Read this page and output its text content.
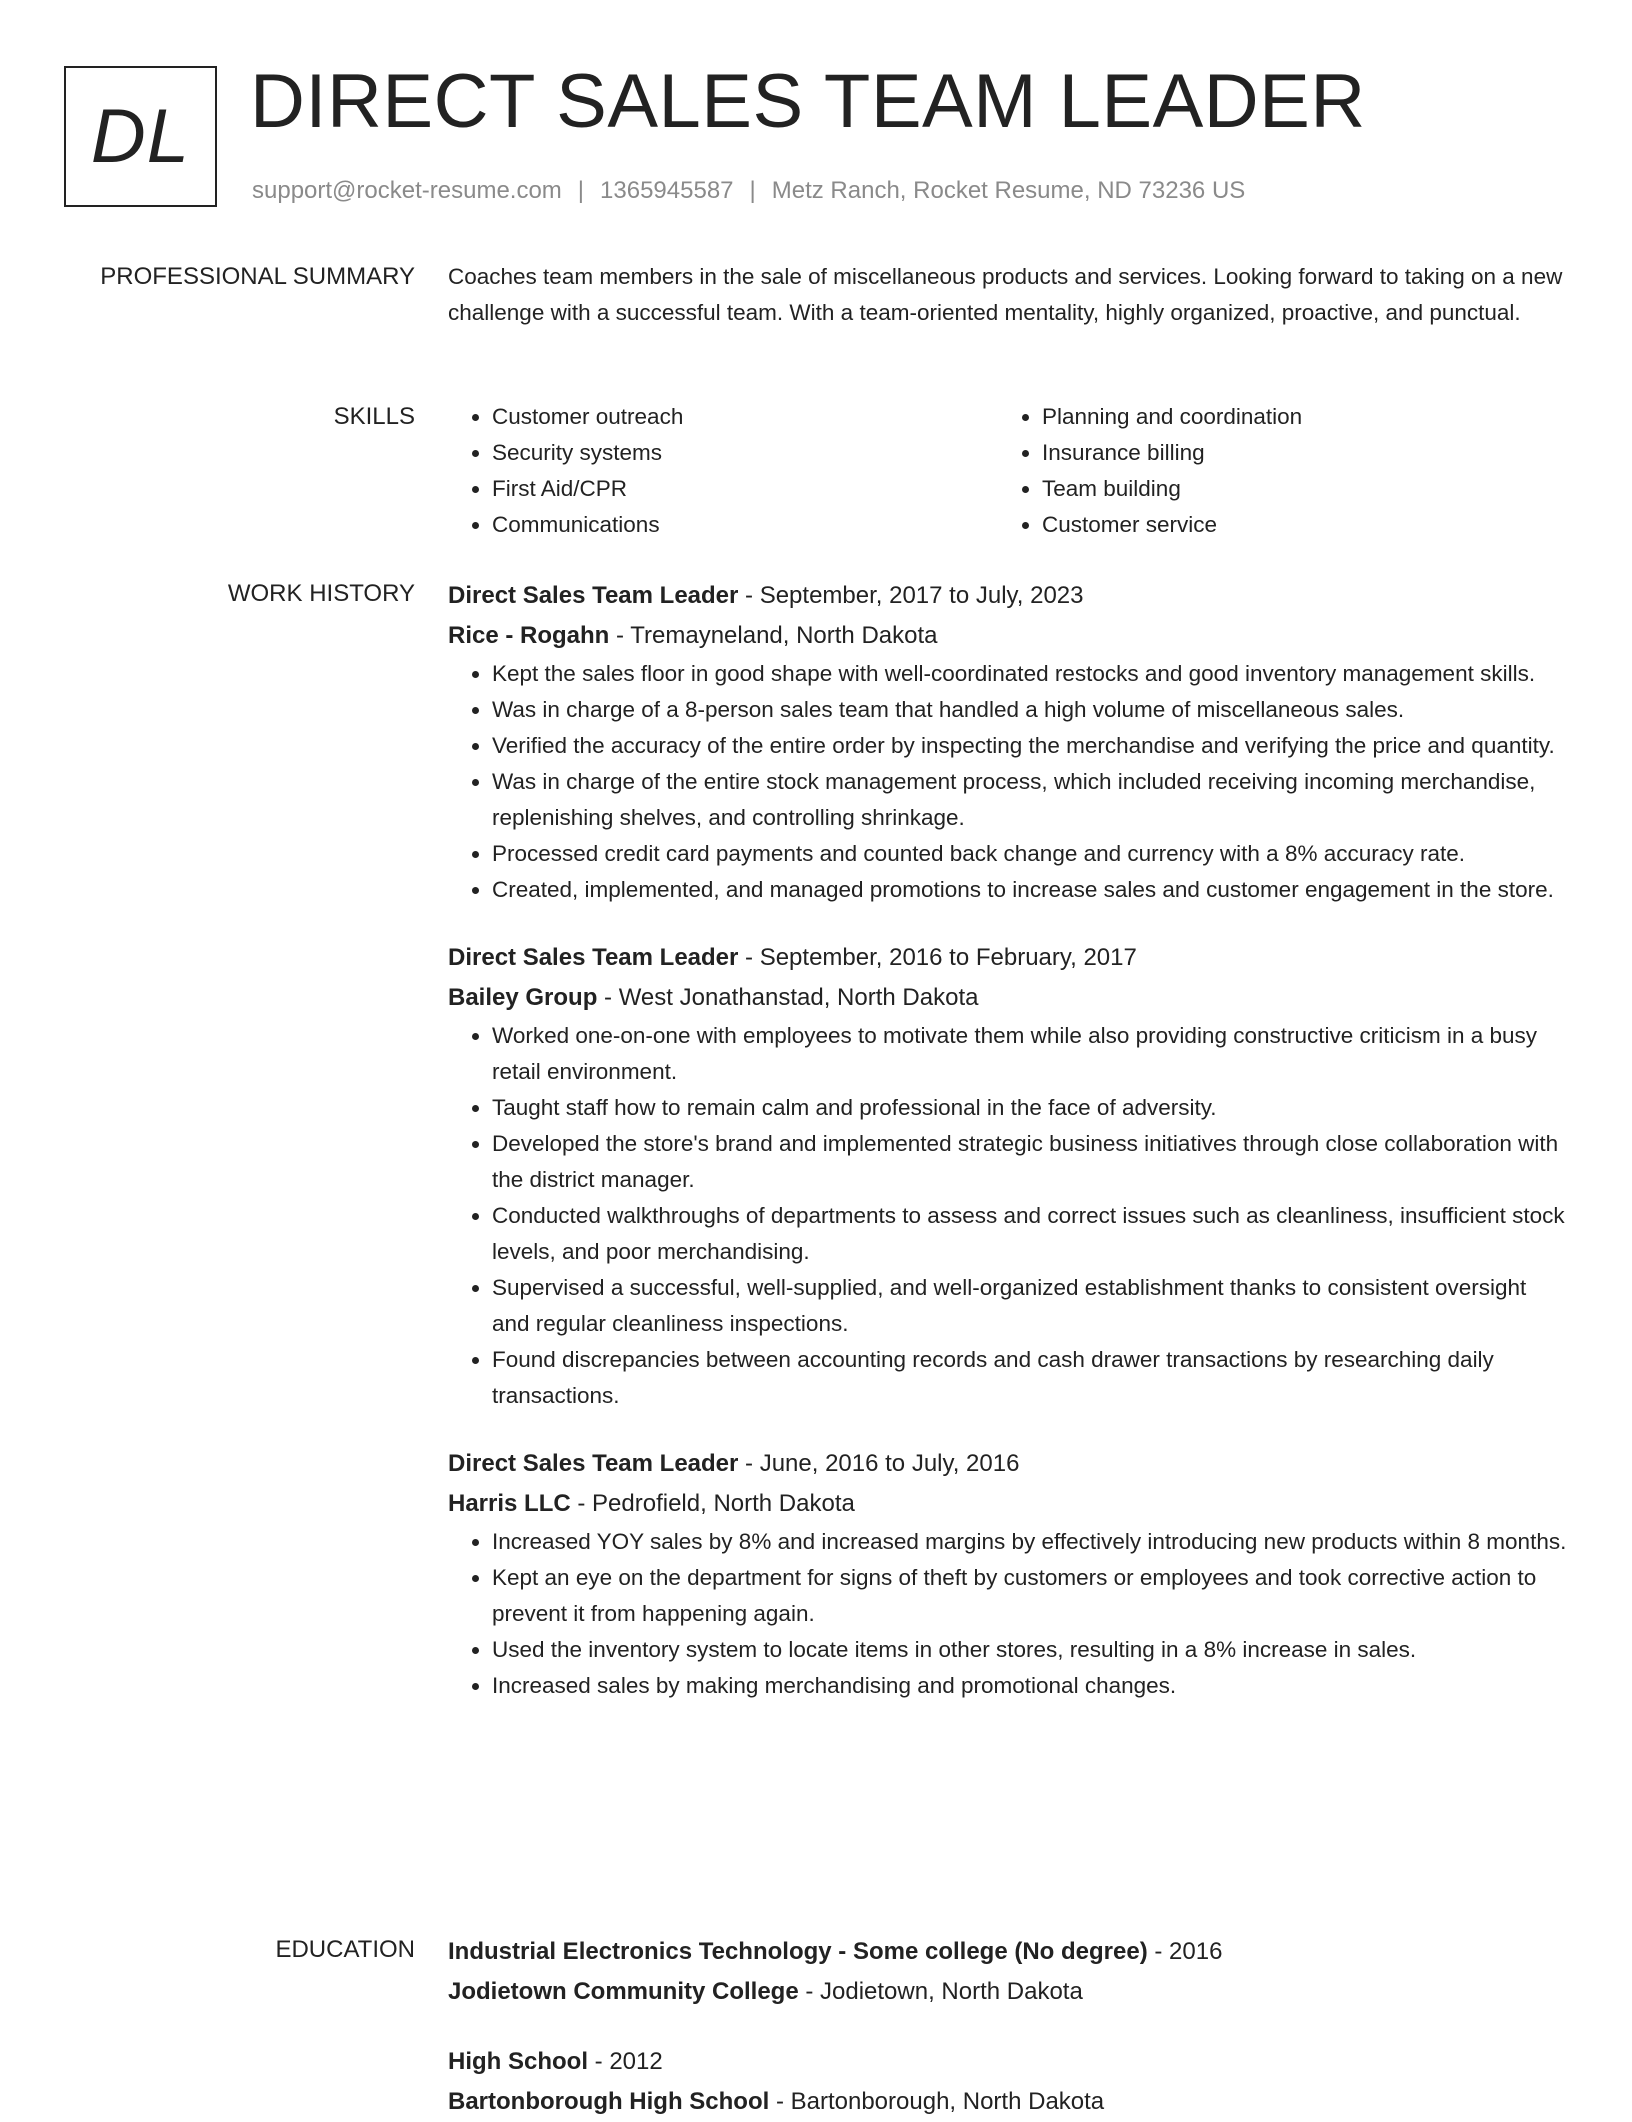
DL DIRECT SALES TEAM LEADER
support@rocket-resume.com | 1365945587 | Metz Ranch, Rocket Resume, ND 73236 US
PROFESSIONAL SUMMARY Coaches team members in the sale of miscellaneous products and services. Looking forward to taking on a new challenge with a successful team. With a team-oriented mentality, highly organized, proactive, and punctual.

SKILLS
•	Customer outreach
• Security systems
• First Aid/CPR
• Communications
• Planning and coordination
• Insurance billing
• Team building
• Customer service
WORK HISTORY Direct Sales Team Leader - September, 2017 to July, 2023

Rice - Rogahn - Tremayneland, North Dakota

• Kept the sales floor in good shape with well-coordinated restocks and good inventory management skills.
• Was in charge of a 8-person sales team that handled a high volume of miscellaneous sales.
• Verified the accuracy of the entire order by inspecting the merchandise and verifying the price and quantity.
• Was in charge of the entire stock management process, which included receiving incoming merchandise, replenishing shelves, and controlling shrinkage.
• Processed credit card payments and counted back change and currency with a 8% accuracy rate.
• Created, implemented, and managed promotions to increase sales and customer engagement in the store.

Direct Sales Team Leader - September, 2016 to February, 2017

Bailey Group - West Jonathanstad, North Dakota

• Worked one-on-one with employees to motivate them while also providing constructive criticism in a busy retail environment.
• Taught staff how to remain calm and professional in the face of adversity.
• Developed the store's brand and implemented strategic business initiatives through close collaboration with the district manager.
• Conducted walkthroughs of departments to assess and correct issues such as cleanliness, insufficient stock levels, and poor merchandising.
• Supervised a successful, well-supplied, and well-organized establishment thanks to consistent oversight and regular cleanliness inspections.
• Found discrepancies between accounting records and cash drawer transactions by researching daily transactions.

Direct Sales Team Leader - June, 2016 to July, 2016

Harris LLC - Pedrofield, North Dakota

• Increased YOY sales by 8% and increased margins by effectively introducing new products within 8 months.
• Kept an eye on the department for signs of theft by customers or employees and took corrective action to prevent it from happening again.
• Used the inventory system to locate items in other stores, resulting in a 8% increase in sales.
• Increased sales by making merchandising and promotional changes.
EDUCATION Industrial Electronics Technology - Some college (No degree) - 2016

Jodietown Community College - Jodietown, North Dakota

High School - 2012

Bartonborough High School - Bartonborough, North Dakota
